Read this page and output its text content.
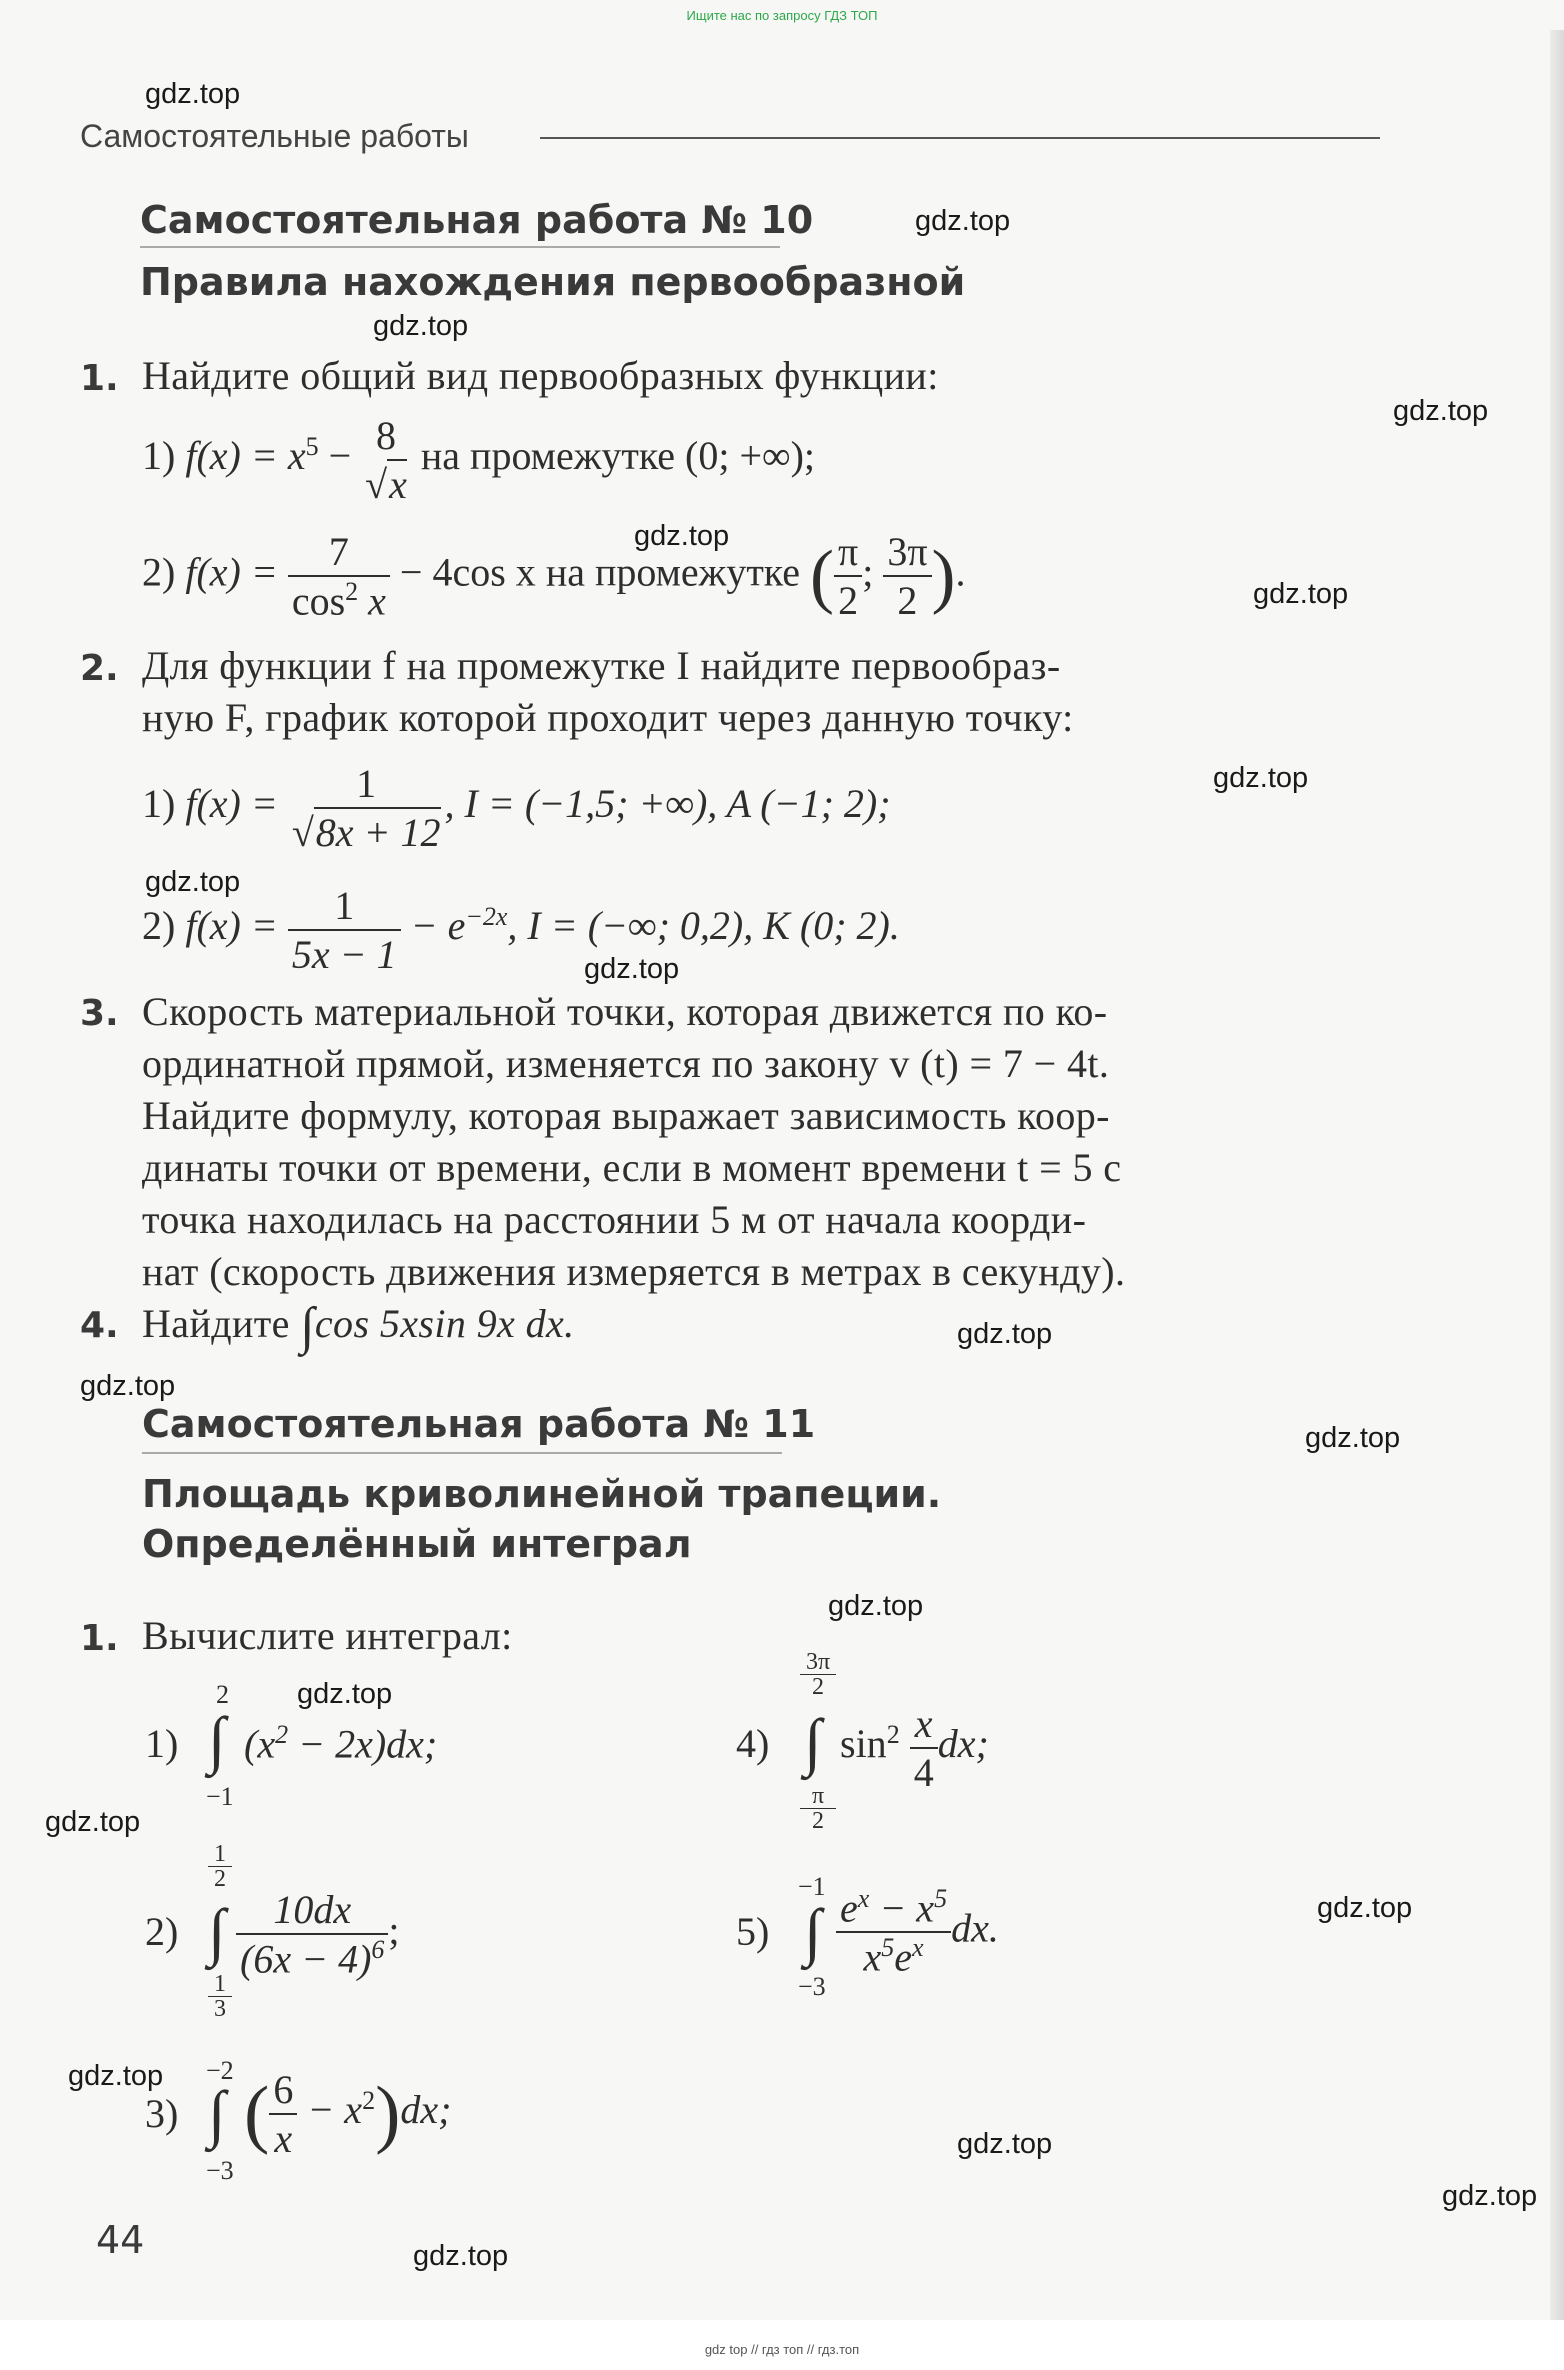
Ищите нас по запросу ГДЗ ТОП
gdz.top
gdz.top
gdz.top
gdz.top
gdz.top
gdz.top
gdz.top
gdz.top
gdz.top
gdz.top
gdz.top
gdz.top
gdz.top
gdz.top
gdz.top
gdz.top
gdz.top
gdz.top
gdz.top
gdz.top
Самостоятельные работы
Самостоятельная работа № 10
Правила нахождения первообразной
1. Найдите общий вид первообразных функции:
1) $f(x) = x^5 - 8$
√x
на промежутке (0; +∞);
2) $f(x) = \frac{7}{\cos^2 x} - 4\cos$ x на промежутке ( $\frac{\pi}{2}$ ; $\frac{3\pi}{2}$ ).
2. Для функции f на промежутке I найдите первообраз-
ную F, график которой проходит через данную точку:
1) f(x) =	1
√8x + 12
, I = (−1,5; +∞), A (−1; 2);
2) $f(x) = \frac{1}{5x - 1} - e^{-2x}$, I = (−∞; 0,2), K (0; 2).
3. Скорость материальной точки, которая движется по ко-
ординатной прямой, изменяется по закону v (t) = 7 − 4t.
Найдите формулу, которая выражает зависимость коор-
динаты точки от времени, если в момент времени t = 5 с
точка находилась на расстоянии 5 м от начала коорди-
нат (скорость движения измеряется в метрах в секунду).
4. Найдите ∫cos 5xsin 9x dx.
Самостоятельная работа № 11
Площадь криволинейной трапеции.
Определённый интеграл
1. Вычислите интеграл:
1)
2
∫
−1
$(x^2 - 2x)dx$;
2)
$\frac{1}{2}$
∫
$\frac{1}{3}$
$\frac{10dx}{(6x - 4)^6}$ ;
3)
−2
∫
−3
( $\frac{6}{x} - x^2)dx$;
4)
$\frac{3\pi}{2}$
∫
$\frac{\pi}{2}$
$\sin^2 \frac{x}{4}$ dx;
5)
−1
∫
−3
$\frac{e^x - x^5}{x^5e^x}$ dx.
44
gdz top // гдз топ // гдз.топ
